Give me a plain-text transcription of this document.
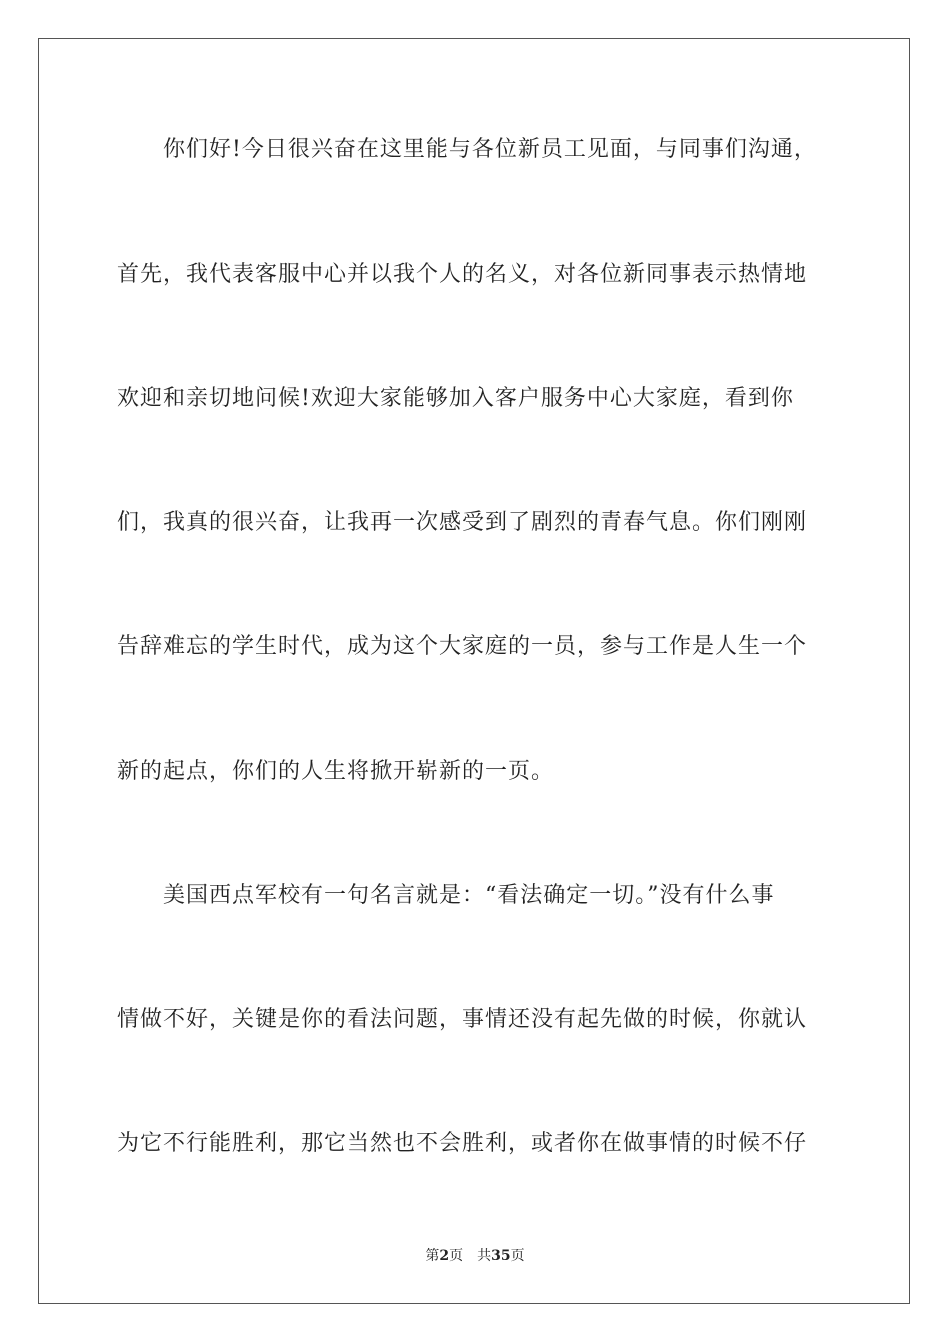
你们好!今日很兴奋在这里能与各位新员工见面，与同事们沟通，
首先，我代表客服中心并以我个人的名义，对各位新同事表示热情地
欢迎和亲切地问候!欢迎大家能够加入客户服务中心大家庭，看到你
们，我真的很兴奋，让我再一次感受到了剧烈的青春气息。你们刚刚
告辞难忘的学生时代，成为这个大家庭的一员，参与工作是人生一个
新的起点，你们的人生将掀开崭新的一页。
美国西点军校有一句名言就是：“看法确定一切。”没有什么事
情做不好，关键是你的看法问题，事情还没有起先做的时候，你就认
为它不行能胜利，那它当然也不会胜利，或者你在做事情的时候不仔
第2页 共35页
